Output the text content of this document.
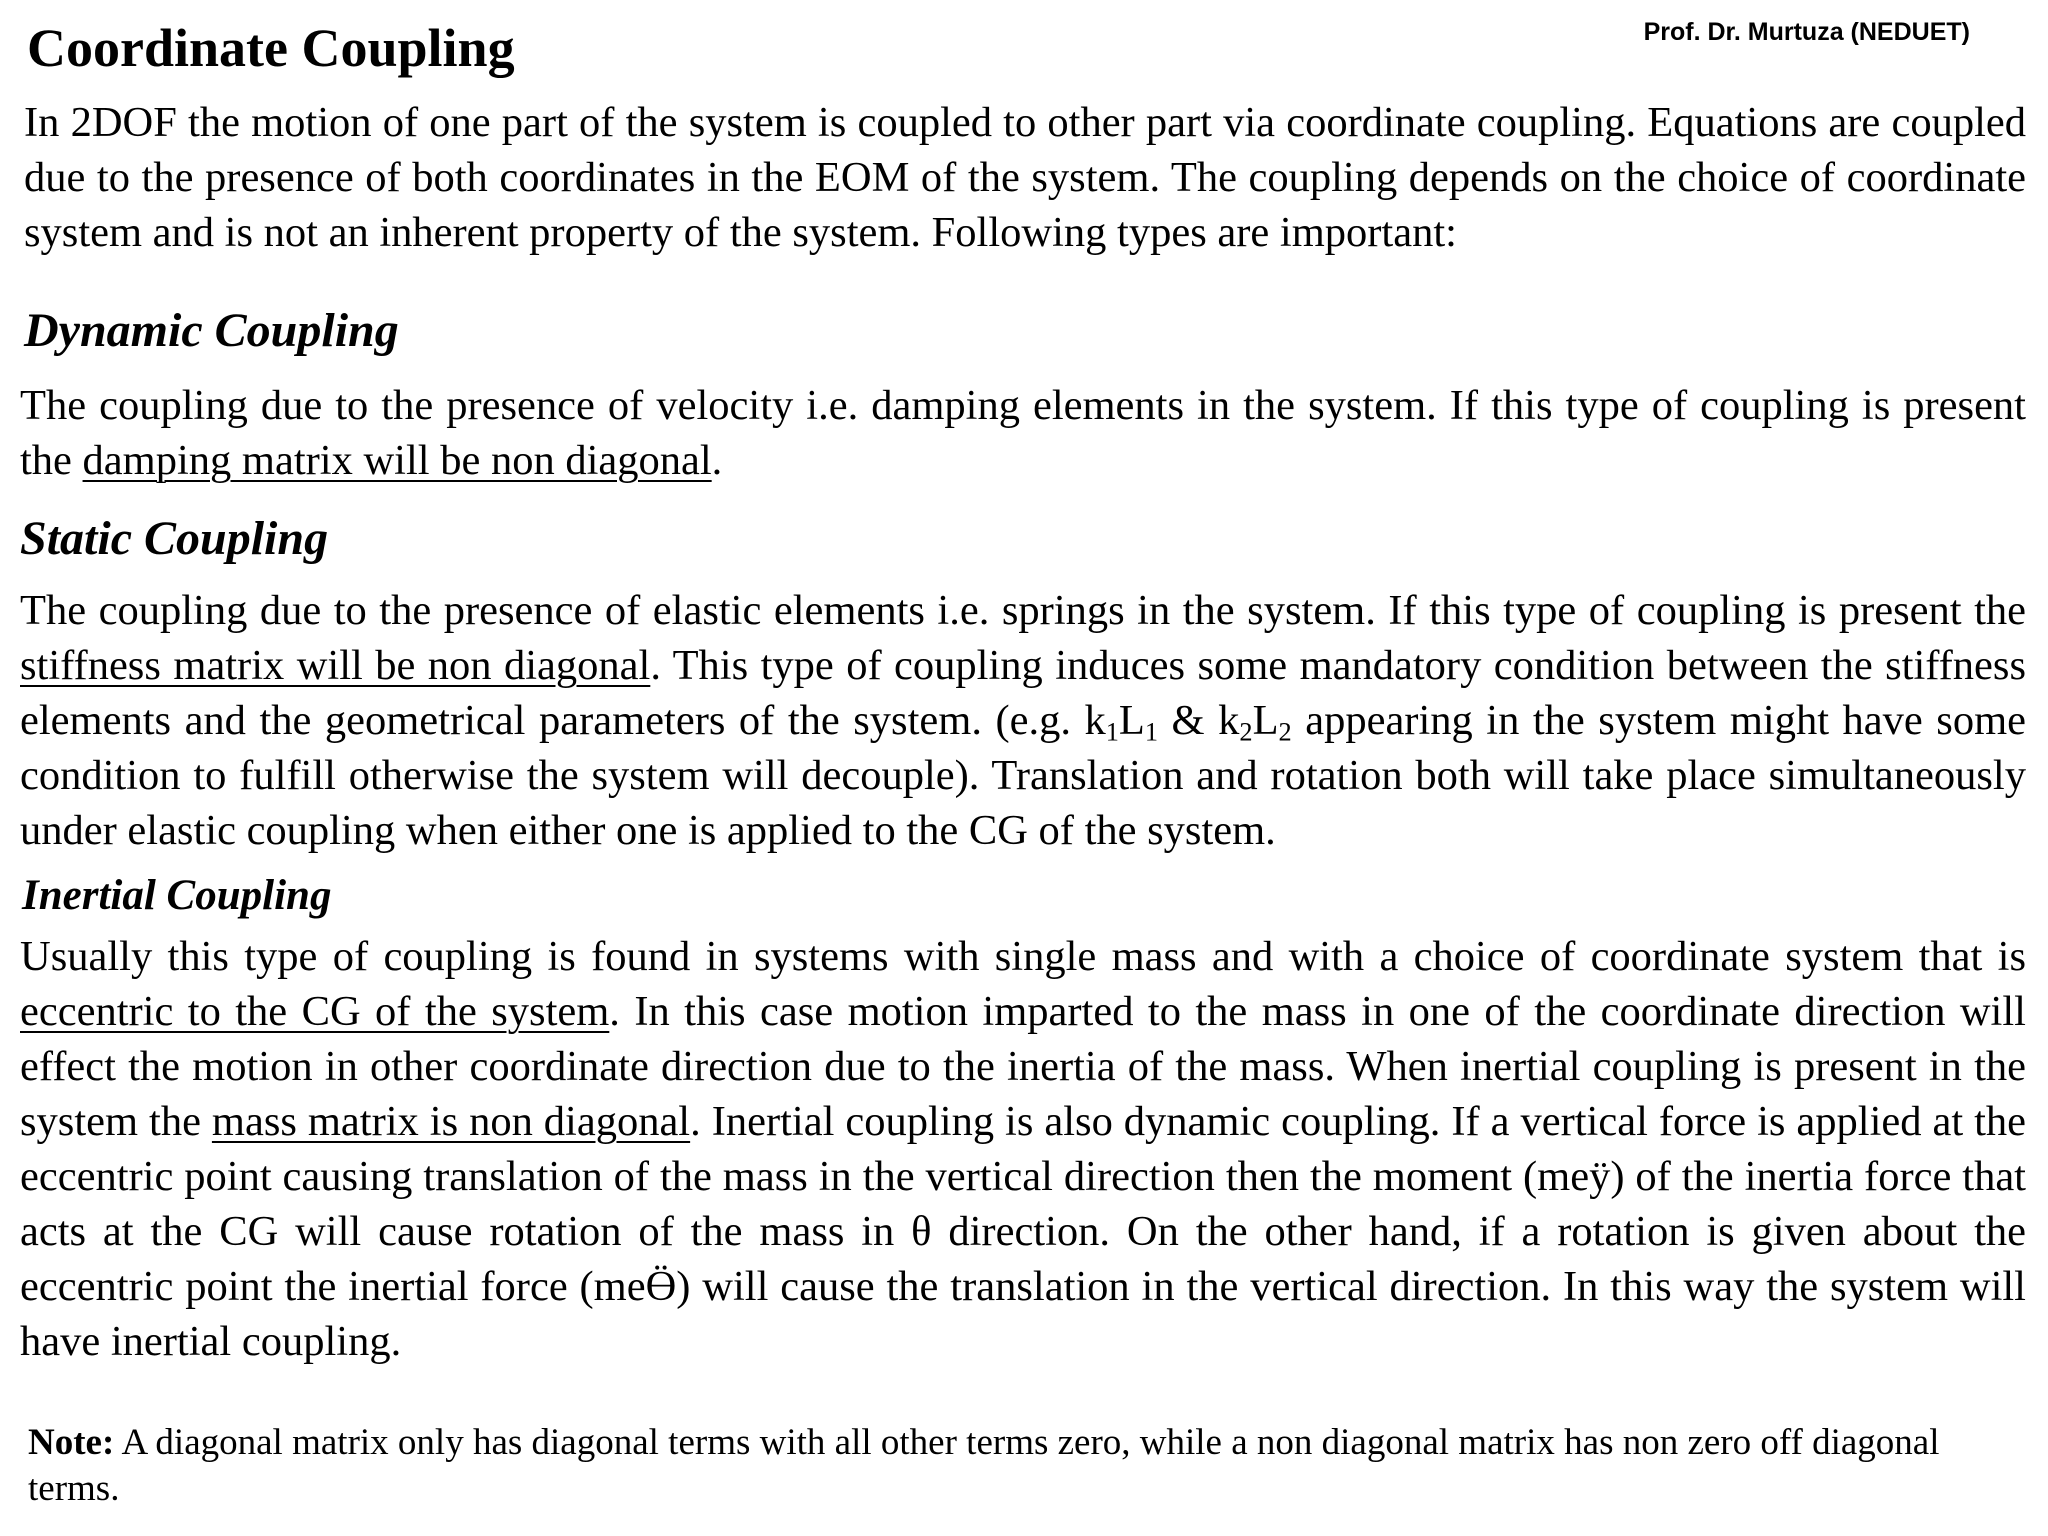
Prof. Dr. Murtuza (NEDUET)
Coordinate Coupling

In 2DOF the motion of one part of the system is coupled to other part via coordinate coupling. Equations are coupled due to the presence of both coordinates in the EOM of the system. The coupling depends on the choice of coordinate system and is not an inherent property of the system. Following types are important:

Dynamic Coupling

The coupling due to the presence of velocity i.e. damping elements in the system. If this type of coupling is present the damping matrix will be non diagonal.

Static Coupling

The coupling due to the presence of elastic elements i.e. springs in the system. If this type of coupling is present the stiffness matrix will be non diagonal. This type of coupling induces some mandatory condition between the stiffness elements and the geometrical parameters of the system. (e.g. $k_1L_1$ & $k_2L_2$ appearing in the system might have some condition to fulfill otherwise the system will decouple). Translation and rotation both will take place simultaneously under elastic coupling when either one is applied to the CG of the system.

Inertial Coupling

Usually this type of coupling is found in systems with single mass and with a choice of coordinate system that is eccentric to the CG of the system. In this case motion imparted to the mass in one of the coordinate direction will effect the motion in other coordinate direction due to the inertia of the mass. When inertial coupling is present in the system the mass matrix is non diagonal. Inertial coupling is also dynamic coupling. If a vertical force is applied at the eccentric point causing translation of the mass in the vertical direction then the moment (meÿ) of the inertia force that acts at the CG will cause rotation of the mass in θ direction. On the other hand, if a rotation is given about the eccentric point the inertial force (meӪ) will cause the translation in the vertical direction. In this way the system will have inertial coupling.

Note: A diagonal matrix only has diagonal terms with all other terms zero, while a non diagonal matrix has non zero off diagonal terms.
